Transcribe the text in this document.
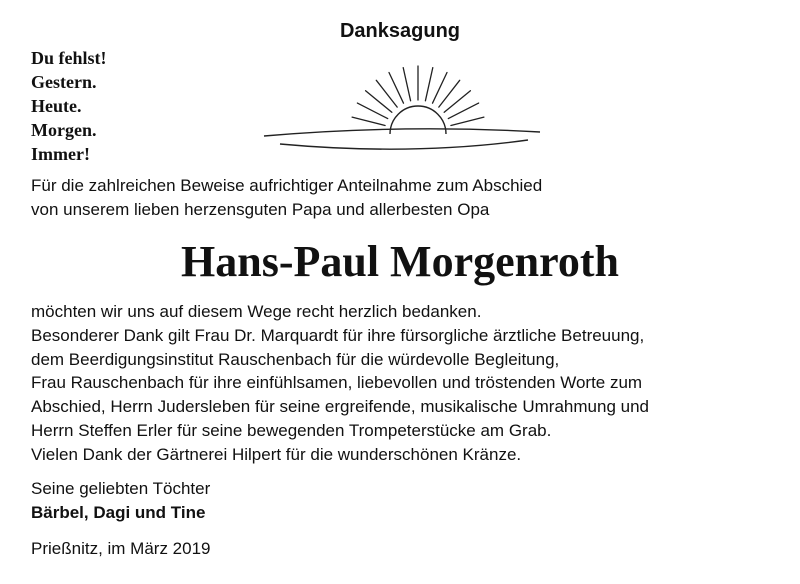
Danksagung
Du fehlst!
Gestern.
Heute.
Morgen.
Immer!
Für die zahlreichen Beweise aufrichtiger Anteilnahme zum Abschied
von unserem lieben herzensguten Papa und allerbesten Opa
Hans-Paul Morgenroth
möchten wir uns auf diesem Wege recht herzlich bedanken.
Besonderer Dank gilt Frau Dr. Marquardt für ihre fürsorgliche ärztliche Betreuung,
dem Beerdigungsinstitut Rauschenbach für die würdevolle Begleitung,
Frau Rauschenbach für ihre einfühlsamen, liebevollen und tröstenden Worte zum
Abschied, Herrn Judersleben für seine ergreifende, musikalische Umrahmung und
Herrn Steffen Erler für seine bewegenden Trompeterstücke am Grab.
Vielen Dank der Gärtnerei Hilpert für die wunderschönen Kränze.
Seine geliebten Töchter
Bärbel, Dagi und Tine
Prießnitz, im März 2019
